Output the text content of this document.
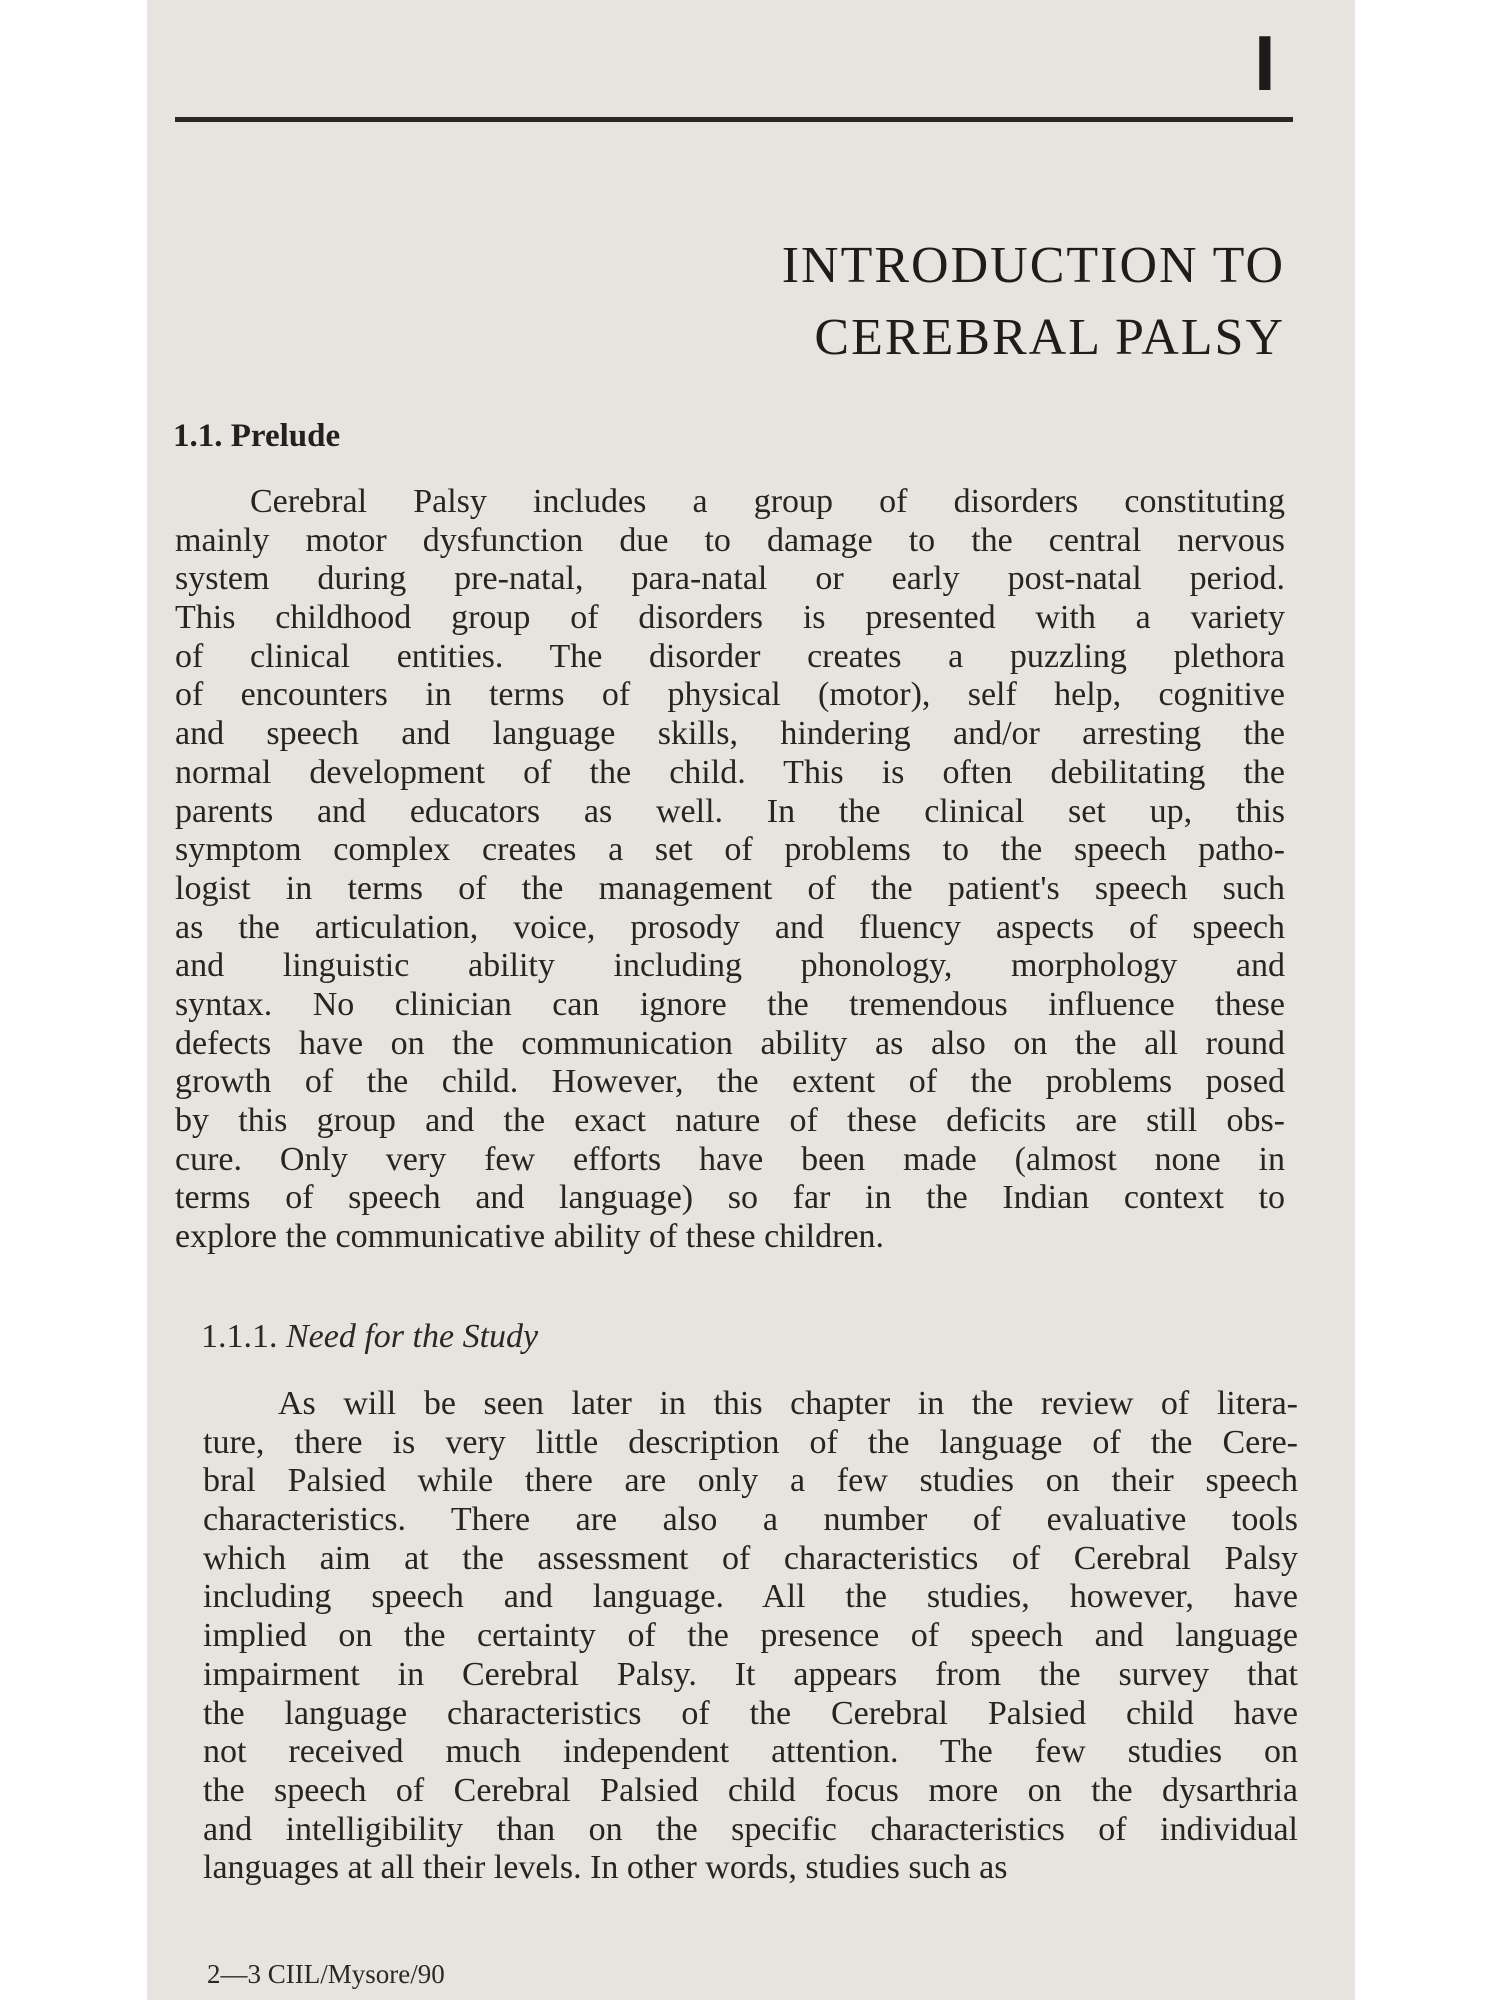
I
INTRODUCTION TO
CEREBRAL PALSY
1.1. Prelude
Cerebral Palsy includes a group of disorders constituting
mainly motor dysfunction due to damage to the central nervous
system during pre-natal, para-natal or early post-natal period.
This childhood group of disorders is presented with a variety
of clinical entities. The disorder creates a puzzling plethora
of encounters in terms of physical (motor), self help, cognitive
and speech and language skills, hindering and/or arresting the
normal development of the child. This is often debilitating the
parents and educators as well. In the clinical set up, this
symptom complex creates a set of problems to the speech patho-
logist in terms of the management of the patient's speech such
as the articulation, voice, prosody and fluency aspects of speech
and linguistic ability including phonology, morphology and
syntax. No clinician can ignore the tremendous influence these
defects have on the communication ability as also on the all round
growth of the child. However, the extent of the problems posed
by this group and the exact nature of these deficits are still obs-
cure. Only very few efforts have been made (almost none in
terms of speech and language) so far in the Indian context to
explore the communicative ability of these children.
1.1.1. Need for the Study
As will be seen later in this chapter in the review of litera-
ture, there is very little description of the language of the Cere-
bral Palsied while there are only a few studies on their speech
characteristics. There are also a number of evaluative tools
which aim at the assessment of characteristics of Cerebral Palsy
including speech and language. All the studies, however, have
implied on the certainty of the presence of speech and language
impairment in Cerebral Palsy. It appears from the survey that
the language characteristics of the Cerebral Palsied child have
not received much independent attention. The few studies on
the speech of Cerebral Palsied child focus more on the dysarthria
and intelligibility than on the specific characteristics of individual
languages at all their levels. In other words, studies such as
2—3 CIIL/Mysore/90
